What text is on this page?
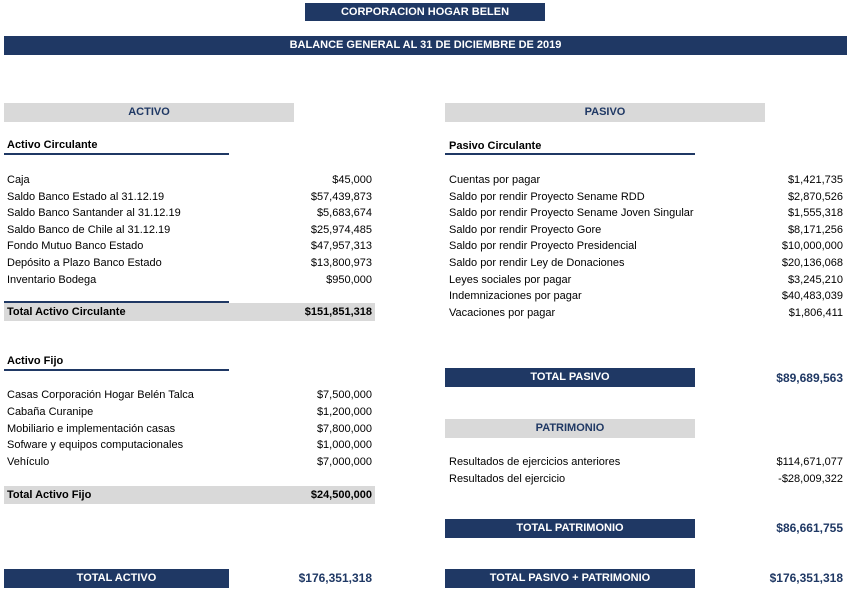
CORPORACION HOGAR BELEN
BALANCE GENERAL AL 31 DE DICIEMBRE DE 2019
ACTIVO	PASIVO
Activo Circulante
Caja	$45,000
Saldo Banco Estado al 31.12.19	$57,439,873
Saldo Banco Santander al 31.12.19	$5,683,674
Saldo Banco de Chile al 31.12.19	$25,974,485
Fondo Mutuo Banco Estado	$47,957,313
Depósito a Plazo Banco Estado	$13,800,973
Inventario Bodega	$950,000
Total Activo Circulante	$151,851,318
Activo Fijo
Casas Corporación Hogar Belén Talca	$7,500,000
Cabaña Curanipe	$1,200,000
Mobiliario e implementación casas	$7,800,000
Sofware y equipos computacionales	$1,000,000
Vehículo	$7,000,000
Total Activo Fijo	$24,500,000
TOTAL ACTIVO	$176,351,318
Pasivo Circulante
Cuentas por pagar	$1,421,735
Saldo por rendir Proyecto Sename RDD	$2,870,526
Saldo por rendir Proyecto Sename Joven Singular	$1,555,318
Saldo por rendir Proyecto Gore	$8,171,256
Saldo por rendir Proyecto Presidencial	$10,000,000
Saldo por rendir Ley de Donaciones	$20,136,068
Leyes sociales por pagar	$3,245,210
Indemnizaciones por pagar	$40,483,039
Vacaciones por pagar	$1,806,411
TOTAL PASIVO	$89,689,563
PATRIMONIO
Resultados de ejercicios anteriores	$114,671,077
Resultados del ejercicio	-$28,009,322
TOTAL PATRIMONIO	$86,661,755
TOTAL PASIVO + PATRIMONIO	$176,351,318
